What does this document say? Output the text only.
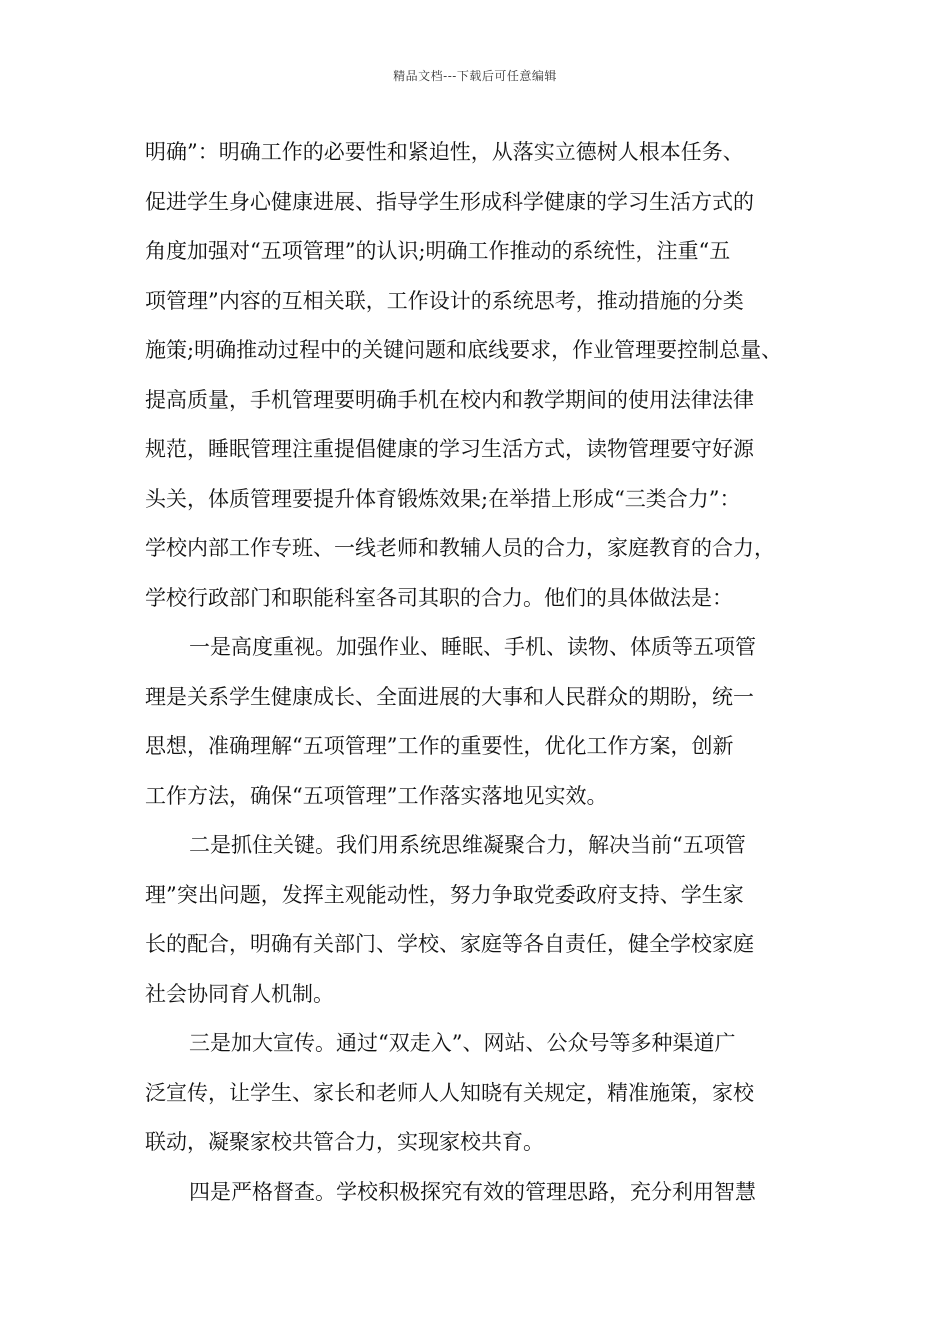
精品文档---下载后可任意编辑
明确”：明确工作的必要性和紧迫性，从落实立德树人根本任务、
促进学生身心健康进展、指导学生形成科学健康的学习生活方式的
角度加强对“五项管理”的认识;明确工作推动的系统性，注重“五
项管理”内容的互相关联，工作设计的系统思考，推动措施的分类
施策;明确推动过程中的关键问题和底线要求，作业管理要控制总量、
提高质量，手机管理要明确手机在校内和教学期间的使用法律法律
规范，睡眠管理注重提倡健康的学习生活方式，读物管理要守好源
头关，体质管理要提升体育锻炼效果;在举措上形成“三类合力”：
学校内部工作专班、一线老师和教辅人员的合力，家庭教育的合力，
学校行政部门和职能科室各司其职的合力。他们的具体做法是：
一是高度重视。加强作业、睡眠、手机、读物、体质等五项管
理是关系学生健康成长、全面进展的大事和人民群众的期盼，统一
思想，准确理解“五项管理”工作的重要性，优化工作方案，创新
工作方法，确保“五项管理”工作落实落地见实效。
二是抓住关键。我们用系统思维凝聚合力，解决当前“五项管
理”突出问题，发挥主观能动性，努力争取党委政府支持、学生家
长的配合，明确有关部门、学校、家庭等各自责任，健全学校家庭
社会协同育人机制。
三是加大宣传。通过“双走入”、网站、公众号等多种渠道广
泛宣传，让学生、家长和老师人人知晓有关规定，精准施策，家校
联动，凝聚家校共管合力，实现家校共育。
四是严格督查。学校积极探究有效的管理思路，充分利用智慧
